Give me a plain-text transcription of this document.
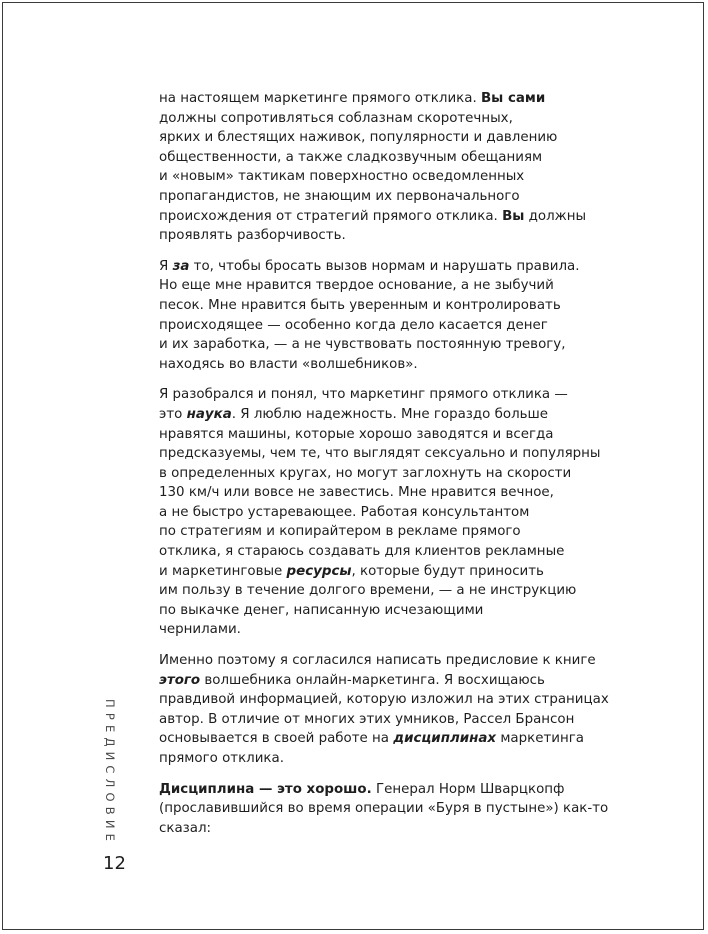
на настоящем маркетинге прямого отклика. Вы сами
должны сопротивляться соблазнам скоротечных,
ярких и блестящих наживок, популярности и давлению
общественности, а также сладкозвучным обещаниям
и «новым» тактикам поверхностно осведомленных
пропагандистов, не знающим их первоначального
происхождения от стратегий прямого отклика. Вы должны
проявлять разборчивость.

Я за то, чтобы бросать вызов нормам и нарушать правила.
Но еще мне нравится твердое основание, а не зыбучий
песок. Мне нравится быть уверенным и контролировать
происходящее — особенно когда дело касается денег
и их заработка, — а не чувствовать постоянную тревогу,
находясь во власти «волшебников».

Я разобрался и понял, что маркетинг прямого отклика —
это наука. Я люблю надежность. Мне гораздо больше
нравятся машины, которые хорошо заводятся и всегда
предсказуемы, чем те, что выглядят сексуально и популярны
в определенных кругах, но могут заглохнуть на скорости
130 км/ч или вовсе не завестись. Мне нравится вечное,
а не быстро устаревающее. Работая консультантом
по стратегиям и копирайтером в рекламе прямого
отклика, я стараюсь создавать для клиентов рекламные
и маркетинговые ресурсы, которые будут приносить
им пользу в течение долгого времени, — а не инструкцию
по выкачке денег, написанную исчезающими
чернилами.

Именно поэтому я согласился написать предисловие к книге
этого волшебника онлайн-маркетинга. Я восхищаюсь
правдивой информацией, которую изложил на этих страницах
автор. В отличие от многих этих умников, Рассел Брансон
основывается в своей работе на дисциплинах маркетинга
прямого отклика.

Дисциплина — это хорошо. Генерал Норм Шварцкопф
(прославившийся во время операции «Буря в пустыне») как-то
сказал:

ПРЕДИСЛОВИЕ
12
